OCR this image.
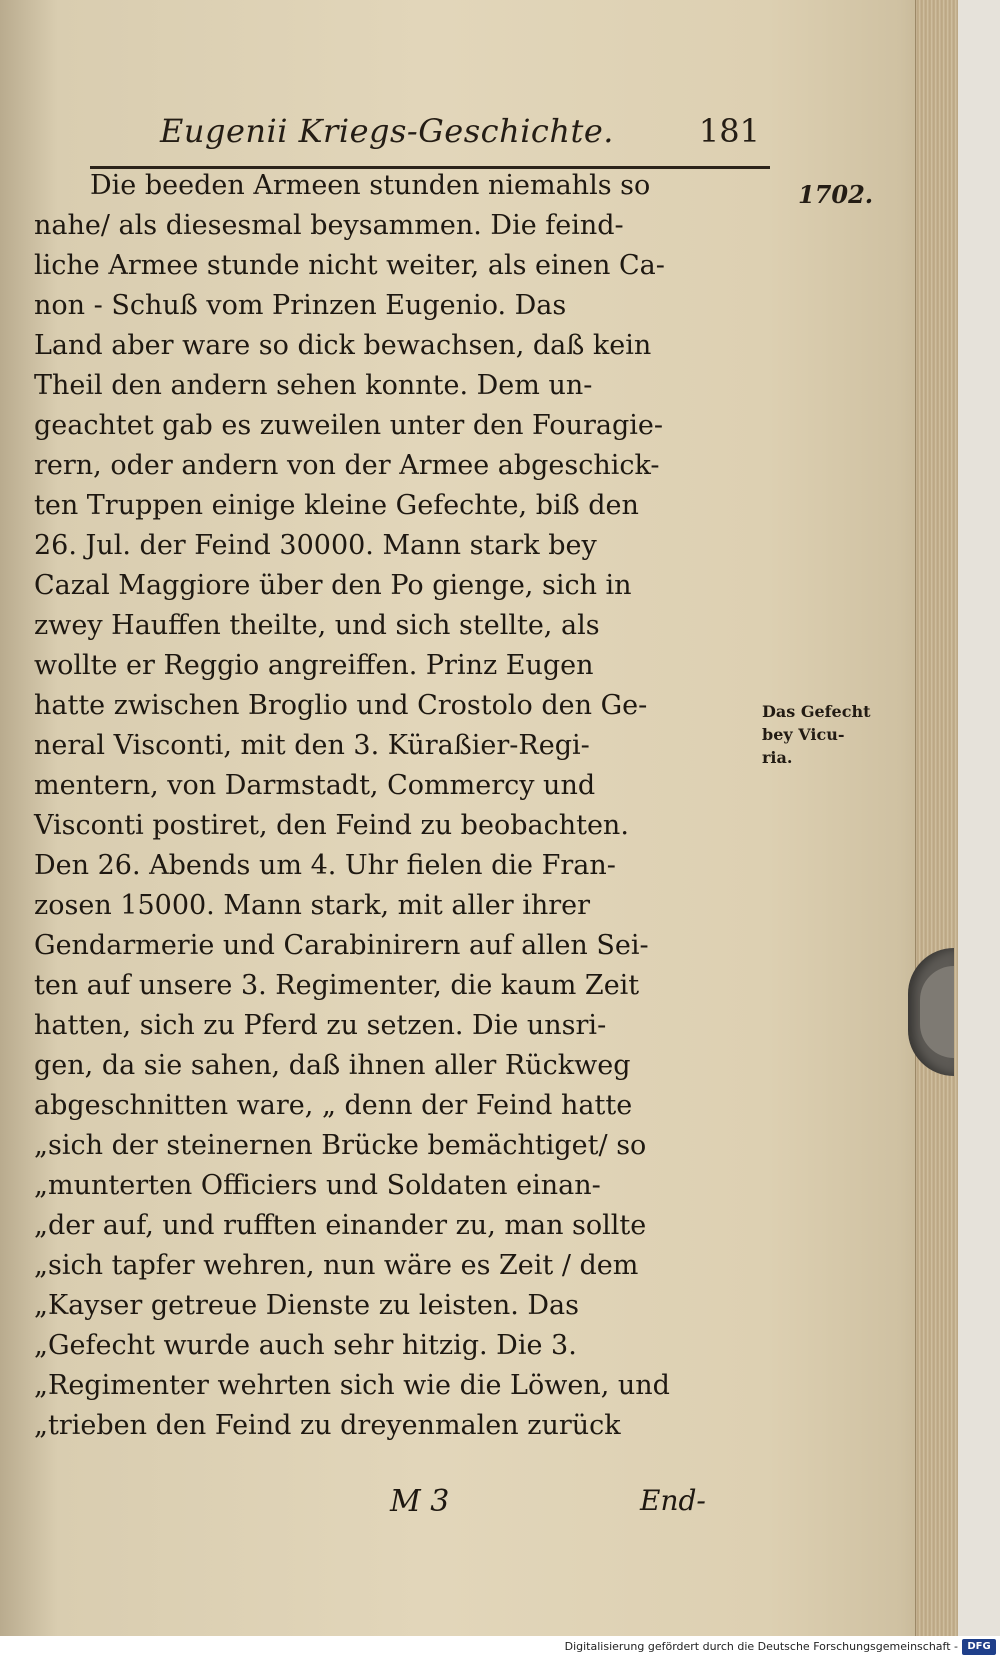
Eugenii Kriegs-Geschichte.	181
1702.
Die beeden Armeen stunden niemahls so
nahe/ als diesesmal beysammen. Die feind-
liche Armee stunde nicht weiter, als einen Ca-
non - Schuß vom Prinzen Eugenio. Das
Land aber ware so dick bewachsen, daß kein
Theil den andern sehen konnte. Dem un-
geachtet gab es zuweilen unter den Fouragie-
rern, oder andern von der Armee abgeschick-
ten Truppen einige kleine Gefechte, biß den
26. Jul. der Feind 30000. Mann stark bey
Cazal Maggiore über den Po gienge, sich in
zwey Hauffen theilte, und sich stellte, als
wollte er Reggio angreiffen. Prinz Eugen
hatte zwischen Broglio und Crostolo den Ge-
neral Visconti, mit den 3. Küraßier-Regi-
mentern, von Darmstadt, Commercy und
Visconti postiret, den Feind zu beobachten.
Den 26. Abends um 4. Uhr fielen die Fran-
zosen 15000. Mann stark, mit aller ihrer
Gendarmerie und Carabinirern auf allen Sei-
ten auf unsere 3. Regimenter, die kaum Zeit
hatten, sich zu Pferd zu setzen. Die unsri-
gen, da sie sahen, daß ihnen aller Rückweg
abgeschnitten ware, „ denn der Feind hatte
„sich der steinernen Brücke bemächtiget/ so
„munterten Officiers und Soldaten einan-
„der auf, und rufften einander zu, man sollte
„sich tapfer wehren, nun wäre es Zeit / dem
„Kayser getreue Dienste zu leisten. Das
„Gefecht wurde auch sehr hitzig. Die 3.
„Regimenter wehrten sich wie die Löwen, und
„trieben den Feind zu dreyenmalen zurück
Das Gefecht
bey Vicu-
ria.
M 3	End-
Digitalisierung gefördert durch die Deutsche Forschungsgemeinschaft - DFG
